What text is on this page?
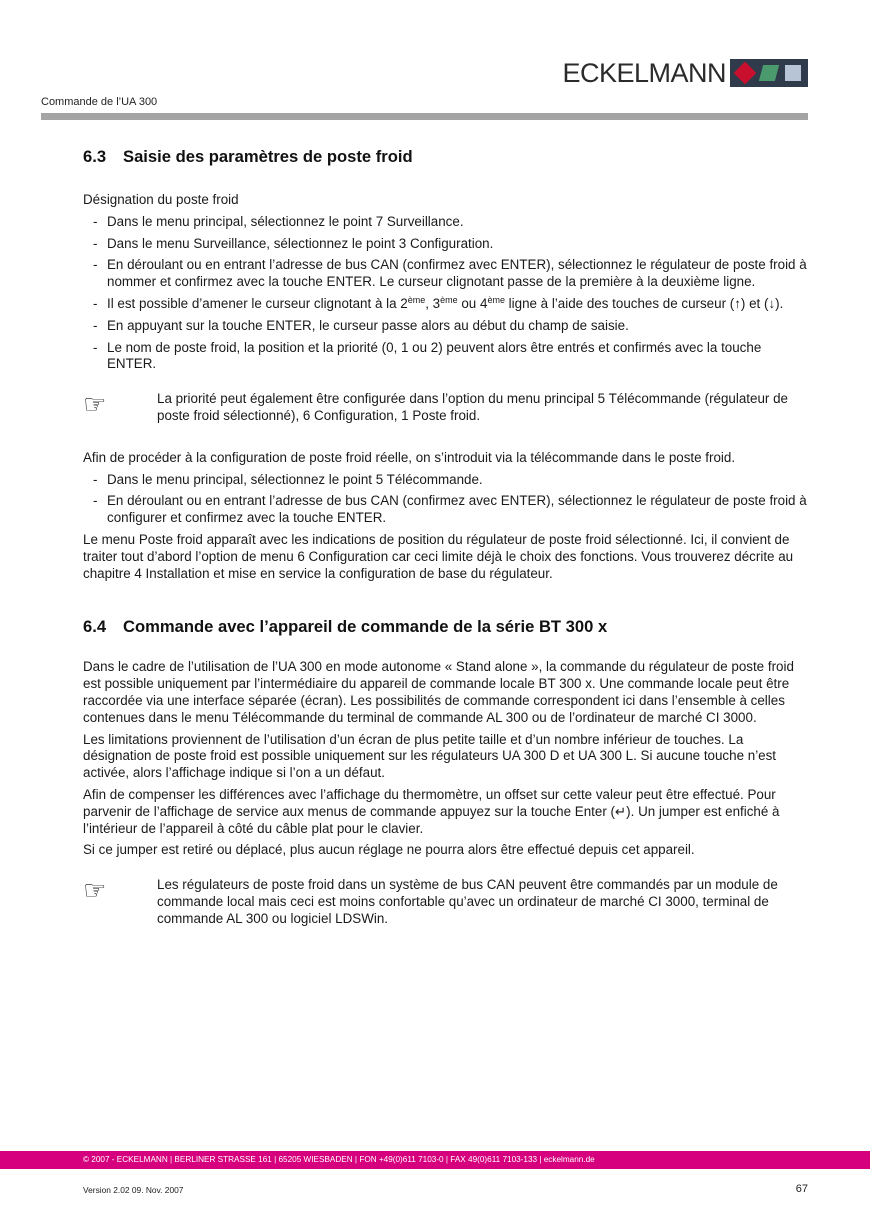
ECKELMANN
Commande de l’UA 300
6.3 Saisie des paramètres de poste froid

Désignation du poste froid

- Dans le menu principal, sélectionnez le point 7 Surveillance.
- Dans le menu Surveillance, sélectionnez le point 3 Configuration.
- En déroulant ou en entrant l’adresse de bus CAN (confirmez avec ENTER), sélectionnez le régulateur de poste froid à nommer et confirmez avec la touche ENTER. Le curseur clignotant passe de la première à la deuxième ligne.
- Il est possible d’amener le curseur clignotant à la 2ème, 3ème ou 4ème ligne à l’aide des touches de curseur (↑) et (↓).
- En appuyant sur la touche ENTER, le curseur passe alors au début du champ de saisie.
- Le nom de poste froid, la position et la priorité (0, 1 ou 2) peuvent alors être entrés et confirmés avec la touche ENTER.
☞	La priorité peut également être configurée dans l’option du menu principal 5 Télécommande (régulateur de poste froid sélectionné), 6 Configuration, 1 Poste froid.

Afin de procéder à la configuration de poste froid réelle, on s’introduit via la télécommande dans le poste froid.

- Dans le menu principal, sélectionnez le point 5 Télécommande.
- En déroulant ou en entrant l’adresse de bus CAN (confirmez avec ENTER), sélectionnez le régulateur de poste froid à configurer et confirmez avec la touche ENTER.

Le menu Poste froid apparaît avec les indications de position du régulateur de poste froid sélectionné. Ici, il convient de traiter tout d’abord l’option de menu 6 Configuration car ceci limite déjà le choix des fonctions. Vous trouverez décrite au chapitre 4 Installation et mise en service la configuration de base du régulateur.

6.4 Commande avec l’appareil de commande de la série BT 300 x

Dans le cadre de l’utilisation de l’UA 300 en mode autonome « Stand alone », la commande du régulateur de poste froid est possible uniquement par l’intermédiaire du appareil de commande locale BT 300 x. Une commande locale peut être raccordée via une interface séparée (écran). Les possibilités de commande correspondent ici dans l’ensemble à celles contenues dans le menu Télécommande du terminal de commande AL 300 ou de l’ordinateur de marché CI 3000.

Les limitations proviennent de l’utilisation d’un écran de plus petite taille et d’un nombre inférieur de touches. La désignation de poste froid est possible uniquement sur les régulateurs UA 300 D et UA 300 L. Si aucune touche n’est activée, alors l’affichage indique si l’on a un défaut.

Afin de compenser les différences avec l’affichage du thermomètre, un offset sur cette valeur peut être effectué. Pour parvenir de l’affichage de service aux menus de commande appuyez sur la touche Enter (↵). Un jumper est enfiché à l’intérieur de l’appareil à côté du câble plat pour le clavier.

Si ce jumper est retiré ou déplacé, plus aucun réglage ne pourra alors être effectué depuis cet appareil.

☞	Les régulateurs de poste froid dans un système de bus CAN peuvent être commandés par un module de commande local mais ceci est moins confortable qu’avec un ordinateur de marché CI 3000, terminal de commande AL 300 ou logiciel LDSWin.
© 2007 - ECKELMANN | BERLINER STRASSE 161 | 65205 WIESBADEN | FON +49(0)611 7103-0 | FAX 49(0)611 7103-133 | eckelmann.de
Version 2.02 09. Nov. 2007	67
